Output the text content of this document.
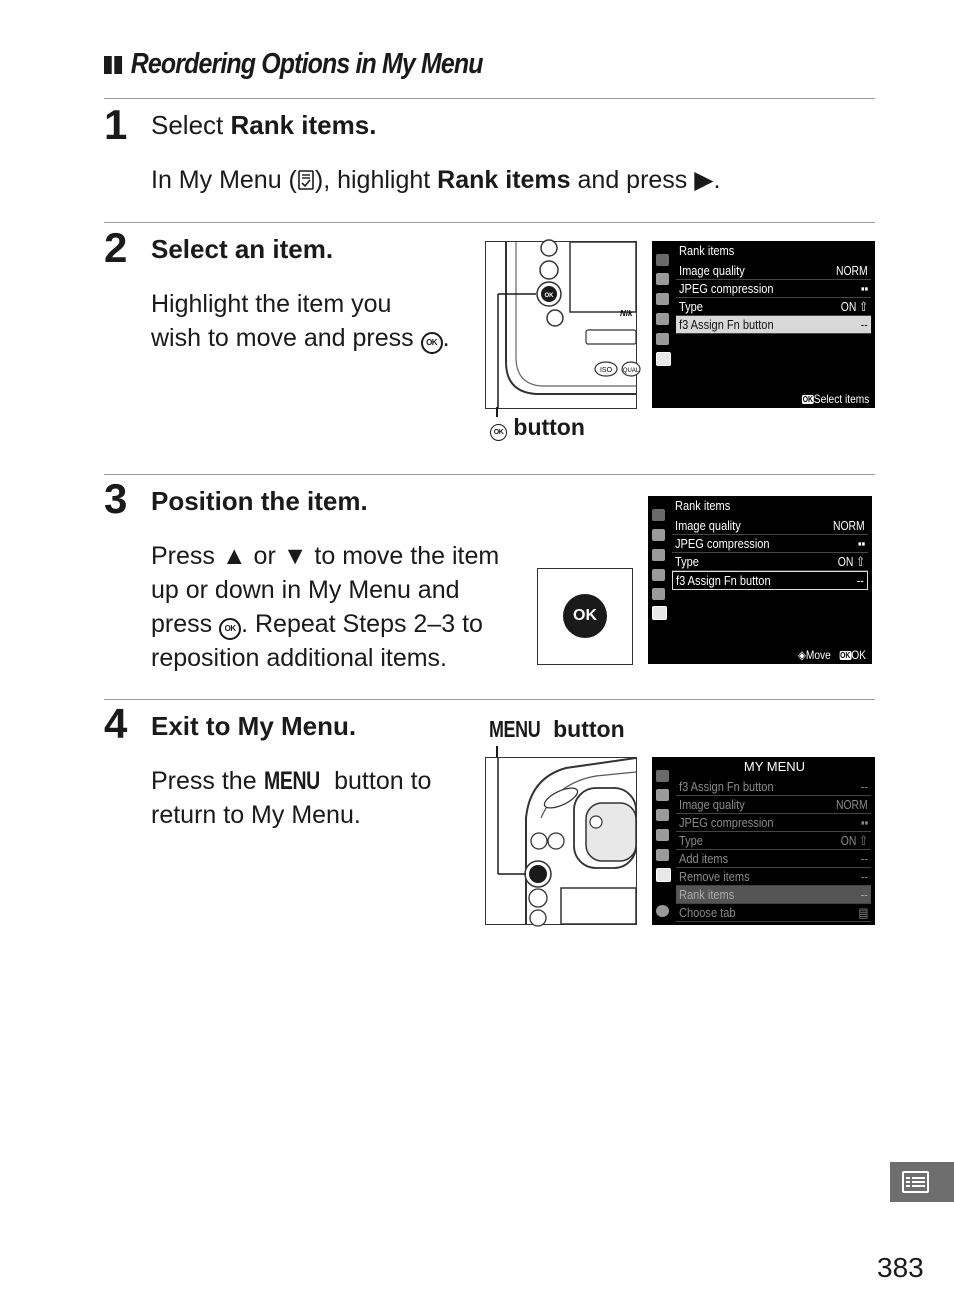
Reordering Options in My Menu
1 Select Rank items.
In My Menu ( ), highlight Rank items and press ▶.
2 Select an item.
Highlight the item you
wish to move and press OK .
OK
ISO QUAL
Nik
OK button
Rank items
Image quality	NORM
JPEG compression	▪▪
Type	ON ⇧
f3 Assign Fn button	--
OKSelect items
3 Position the item.
Press ▲ or ▼ to move the item
up or down in My Menu and
press OK . Repeat Steps 2–3 to
reposition additional items.
OK
Rank items
Image quality	NORM
JPEG compression	▪▪
Type	ON ⇧
f3 Assign Fn button	--
◈Move OKOK
4 Exit to My Menu.
Press the MENU button to
return to My Menu.
MENU button
MY MENU
f3 Assign Fn button	--
Image quality	NORM
JPEG compression	▪▪
Type	ON ⇧
Add items	--
Remove items	--
Rank items	--
Choose tab	▤
383
